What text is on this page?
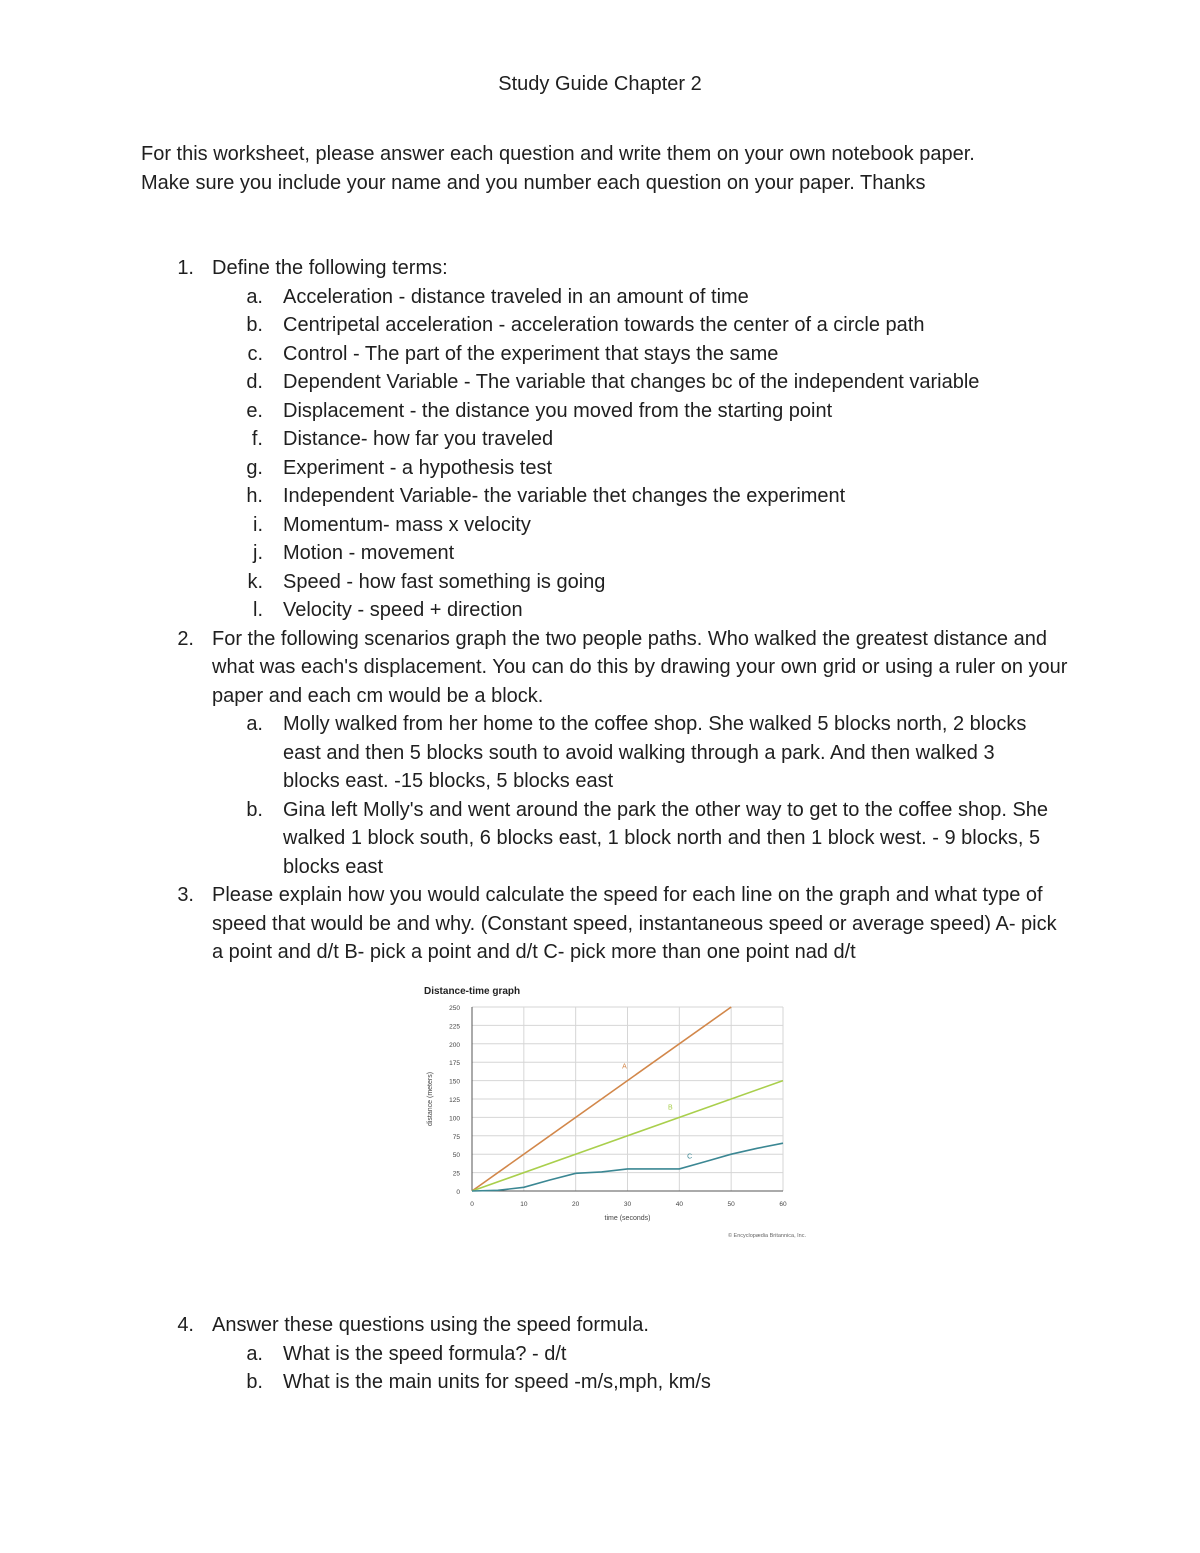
Study Guide Chapter 2

For this worksheet, please answer each question and write them on your own notebook paper.

Make sure you include your name and you number each question on your paper. Thanks

1. Define the following terms:
a. Acceleration - distance traveled in an amount of time
b. Centripetal acceleration - acceleration towards the center of a circle path
c. Control - The part of the experiment that stays the same
d. Dependent Variable - The variable that changes bc of the independent variable
e. Displacement - the distance you moved from the starting point
f. Distance- how far you traveled
g. Experiment - a hypothesis test
h. Independent Variable- the variable thet changes the experiment
i. Momentum- mass x velocity
j. Motion - movement
k. Speed - how fast something is going
l. Velocity - speed + direction
2. For the following scenarios graph the two people paths. Who walked the greatest distance and what was each's displacement. You can do this by drawing your own grid or using a ruler on your paper and each cm would be a block.
a. Molly walked from her home to the coffee shop. She walked 5 blocks north, 2 blocks east and then 5 blocks south to avoid walking through a park. And then walked 3 blocks east. -15 blocks, 5 blocks east
b. Gina left Molly's and went around the park the other way to get to the coffee shop. She walked 1 block south, 6 blocks east, 1 block north and then 1 block west. - 9 blocks, 5 blocks east
3. Please explain how you would calculate the speed for each line on the graph and what type of speed that would be and why. (Constant speed, instantaneous speed or average speed) A- pick a point and d/t B- pick a point and d/t C- pick more than one point nad d/t
Distance-time graph
0
25
50
75
100
125
150
175
200
225
250
0	10	20	30	40	50	60
time (seconds)
distance (meters)
A
B
C
© Encyclopædia Britannica, Inc.
4. Answer these questions using the speed formula.
a. What is the speed formula? - d/t
b. What is the main units for speed -m/s,mph, km/s
